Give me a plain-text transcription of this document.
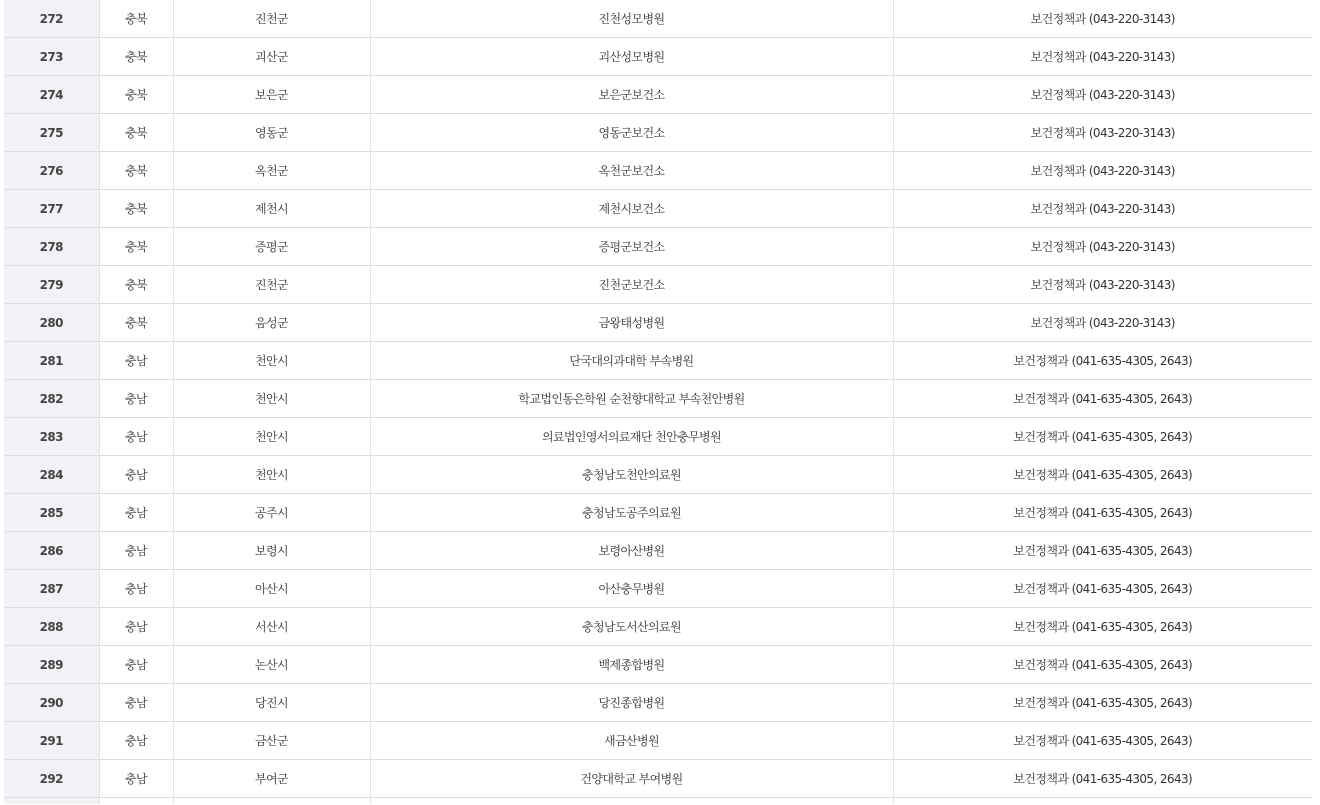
272	충북	진천군	진천성모병원	보건정책과 (043-220-3143)
273	충북	괴산군	괴산성모병원	보건정책과 (043-220-3143)
274	충북	보은군	보은군보건소	보건정책과 (043-220-3143)
275	충북	영동군	영동군보건소	보건정책과 (043-220-3143)
276	충북	옥천군	옥천군보건소	보건정책과 (043-220-3143)
277	충북	제천시	제천시보건소	보건정책과 (043-220-3143)
278	충북	증평군	증평군보건소	보건정책과 (043-220-3143)
279	충북	진천군	진천군보건소	보건정책과 (043-220-3143)
280	충북	음성군	금왕태성병원	보건정책과 (043-220-3143)
281	충남	천안시	단국대의과대학 부속병원	보건정책과 (041-635-4305, 2643)
282	충남	천안시	학교법인동은학원 순천향대학교 부속천안병원	보건정책과 (041-635-4305, 2643)
283	충남	천안시	의료법인영서의료재단 천안충무병원	보건정책과 (041-635-4305, 2643)
284	충남	천안시	충청남도천안의료원	보건정책과 (041-635-4305, 2643)
285	충남	공주시	충청남도공주의료원	보건정책과 (041-635-4305, 2643)
286	충남	보령시	보령아산병원	보건정책과 (041-635-4305, 2643)
287	충남	아산시	아산충무병원	보건정책과 (041-635-4305, 2643)
288	충남	서산시	충청남도서산의료원	보건정책과 (041-635-4305, 2643)
289	충남	논산시	백제종합병원	보건정책과 (041-635-4305, 2643)
290	충남	당진시	당진종합병원	보건정책과 (041-635-4305, 2643)
291	충남	금산군	새금산병원	보건정책과 (041-635-4305, 2643)
292	충남	부여군	건양대학교 부여병원	보건정책과 (041-635-4305, 2643)
